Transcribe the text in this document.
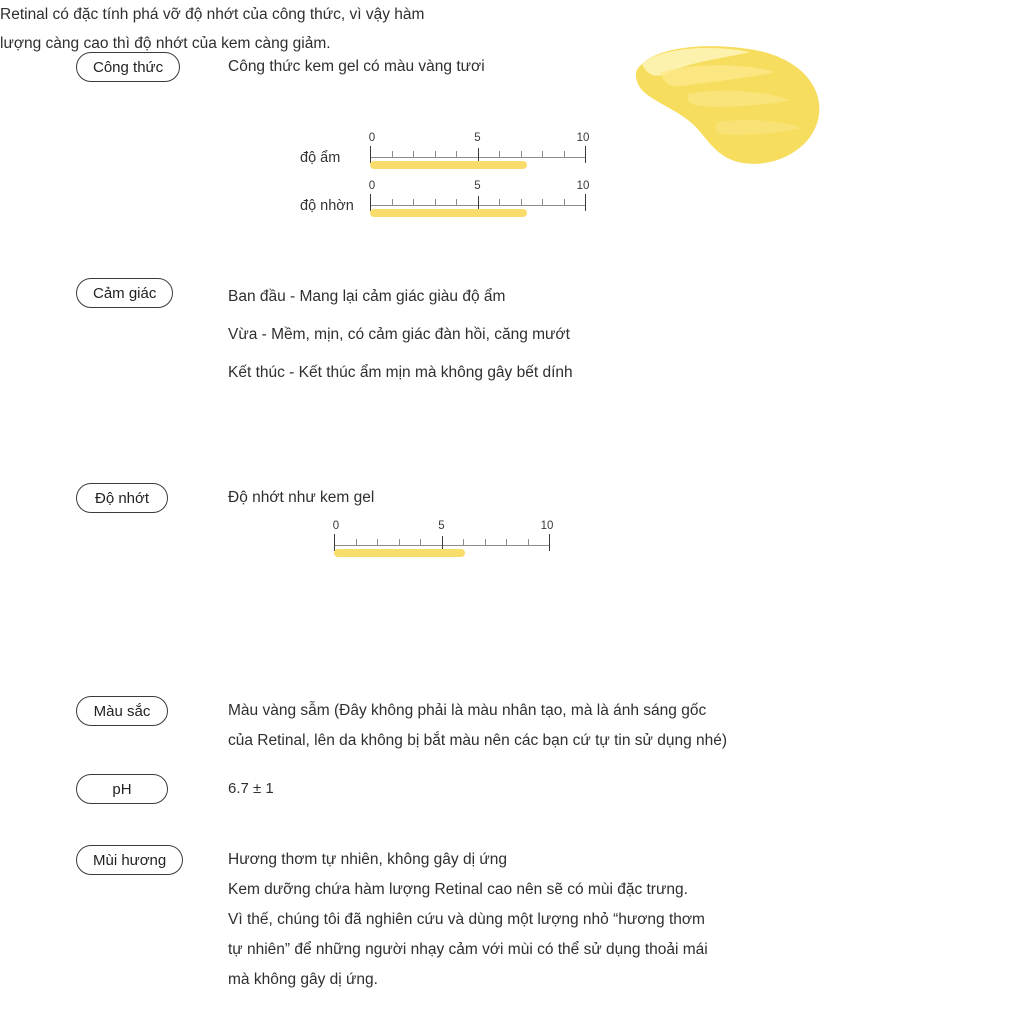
Công thức	Công thức kem gel có màu vàng tươi
độ ẩm
0	5	10
độ nhờn
0	5	10
Cảm giác	Ban đầu - Mang lại cảm giác giàu độ ẩm
Vừa - Mềm, mịn, có cảm giác đàn hồi, căng mướt
Kết thúc - Kết thúc ẩm mịn mà không gây bết dính
Độ nhớt	Độ nhớt như kem gel
0	5	10
Retinal có đặc tính phá vỡ độ nhớt của công thức, vì vậy hàm lượng càng cao thì độ nhớt của kem càng giảm.
Màu sắc	Màu vàng sẫm (Đây không phải là màu nhân tạo, mà là ánh sáng gốc
của Retinal, lên da không bị bắt màu nên các bạn cứ tự tin sử dụng nhé)
pH	6.7 ± 1
Mùi hương	Hương thơm tự nhiên, không gây dị ứng
Kem dưỡng chứa hàm lượng Retinal cao nên sẽ có mùi đặc trưng.
Vì thế, chúng tôi đã nghiên cứu và dùng một lượng nhỏ “hương thơm
tự nhiên” để những người nhạy cảm với mùi có thể sử dụng thoải mái
mà không gây dị ứng.
